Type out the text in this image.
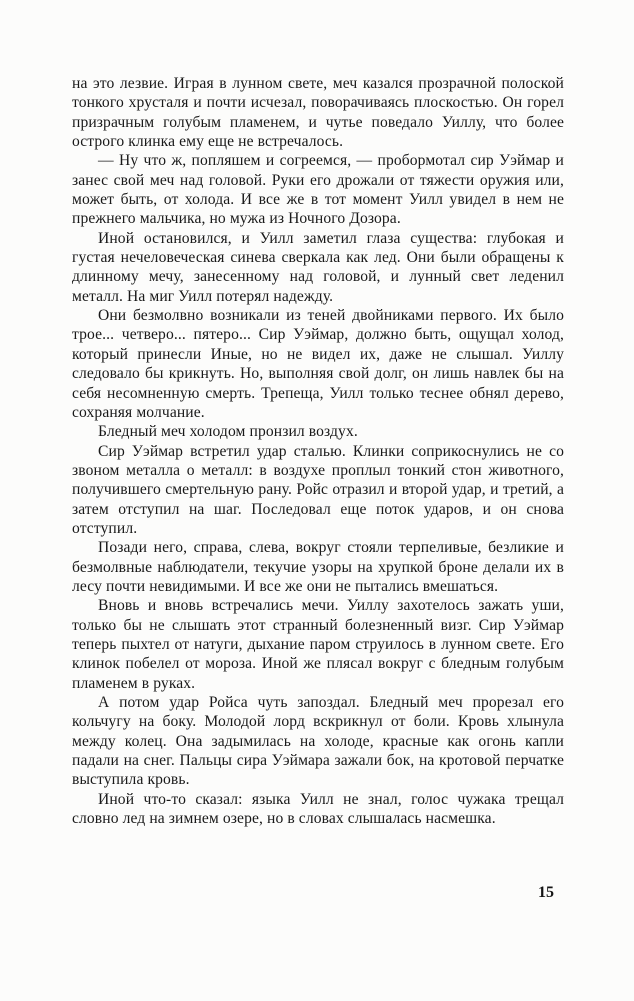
на это лезвие. Играя в лунном свете, меч казался прозрачной полоской тонкого хрусталя и почти исчезал, поворачиваясь плоскостью. Он горел призрачным голубым пламенем, и чутье поведало Уиллу, что более острого клинка ему еще не встречалось.

— Ну что ж, попляшем и согреемся, — пробормотал сир Уэймар и занес свой меч над головой. Руки его дрожали от тяжести оружия или, может быть, от холода. И все же в тот момент Уилл увидел в нем не прежнего мальчика, но мужа из Ночного Дозора.

Иной остановился, и Уилл заметил глаза существа: глубокая и густая нечеловеческая синева сверкала как лед. Они были обращены к длинному мечу, занесенному над головой, и лунный свет леденил металл. На миг Уилл потерял надежду.

Они безмолвно возникали из теней двойниками первого. Их было трое... четверо... пятеро... Сир Уэймар, должно быть, ощущал холод, который принесли Иные, но не видел их, даже не слышал. Уиллу следовало бы крикнуть. Но, выполняя свой долг, он лишь навлек бы на себя несомненную смерть. Трепеща, Уилл только теснее обнял дерево, сохраняя молчание.

Бледный меч холодом пронзил воздух.

Сир Уэймар встретил удар сталью. Клинки соприкоснулись не со звоном металла о металл: в воздухе проплыл тонкий стон животного, получившего смертельную рану. Ройс отразил и второй удар, и третий, а затем отступил на шаг. Последовал еще поток ударов, и он снова отступил.

Позади него, справа, слева, вокруг стояли терпеливые, безликие и безмолвные наблюдатели, текучие узоры на хрупкой броне делали их в лесу почти невидимыми. И все же они не пытались вмешаться.

Вновь и вновь встречались мечи. Уиллу захотелось зажать уши, только бы не слышать этот странный болезненный визг. Сир Уэймар теперь пыхтел от натуги, дыхание паром струилось в лунном свете. Его клинок побелел от мороза. Иной же плясал вокруг с бледным голубым пламенем в руках.

А потом удар Ройса чуть запоздал. Бледный меч прорезал его кольчугу на боку. Молодой лорд вскрикнул от боли. Кровь хлынула между колец. Она задымилась на холоде, красные как огонь капли падали на снег. Пальцы сира Уэймара зажали бок, на кротовой перчатке выступила кровь.

Иной что-то сказал: языка Уилл не знал, голос чужака трещал словно лед на зимнем озере, но в словах слышалась насмешка.

15
